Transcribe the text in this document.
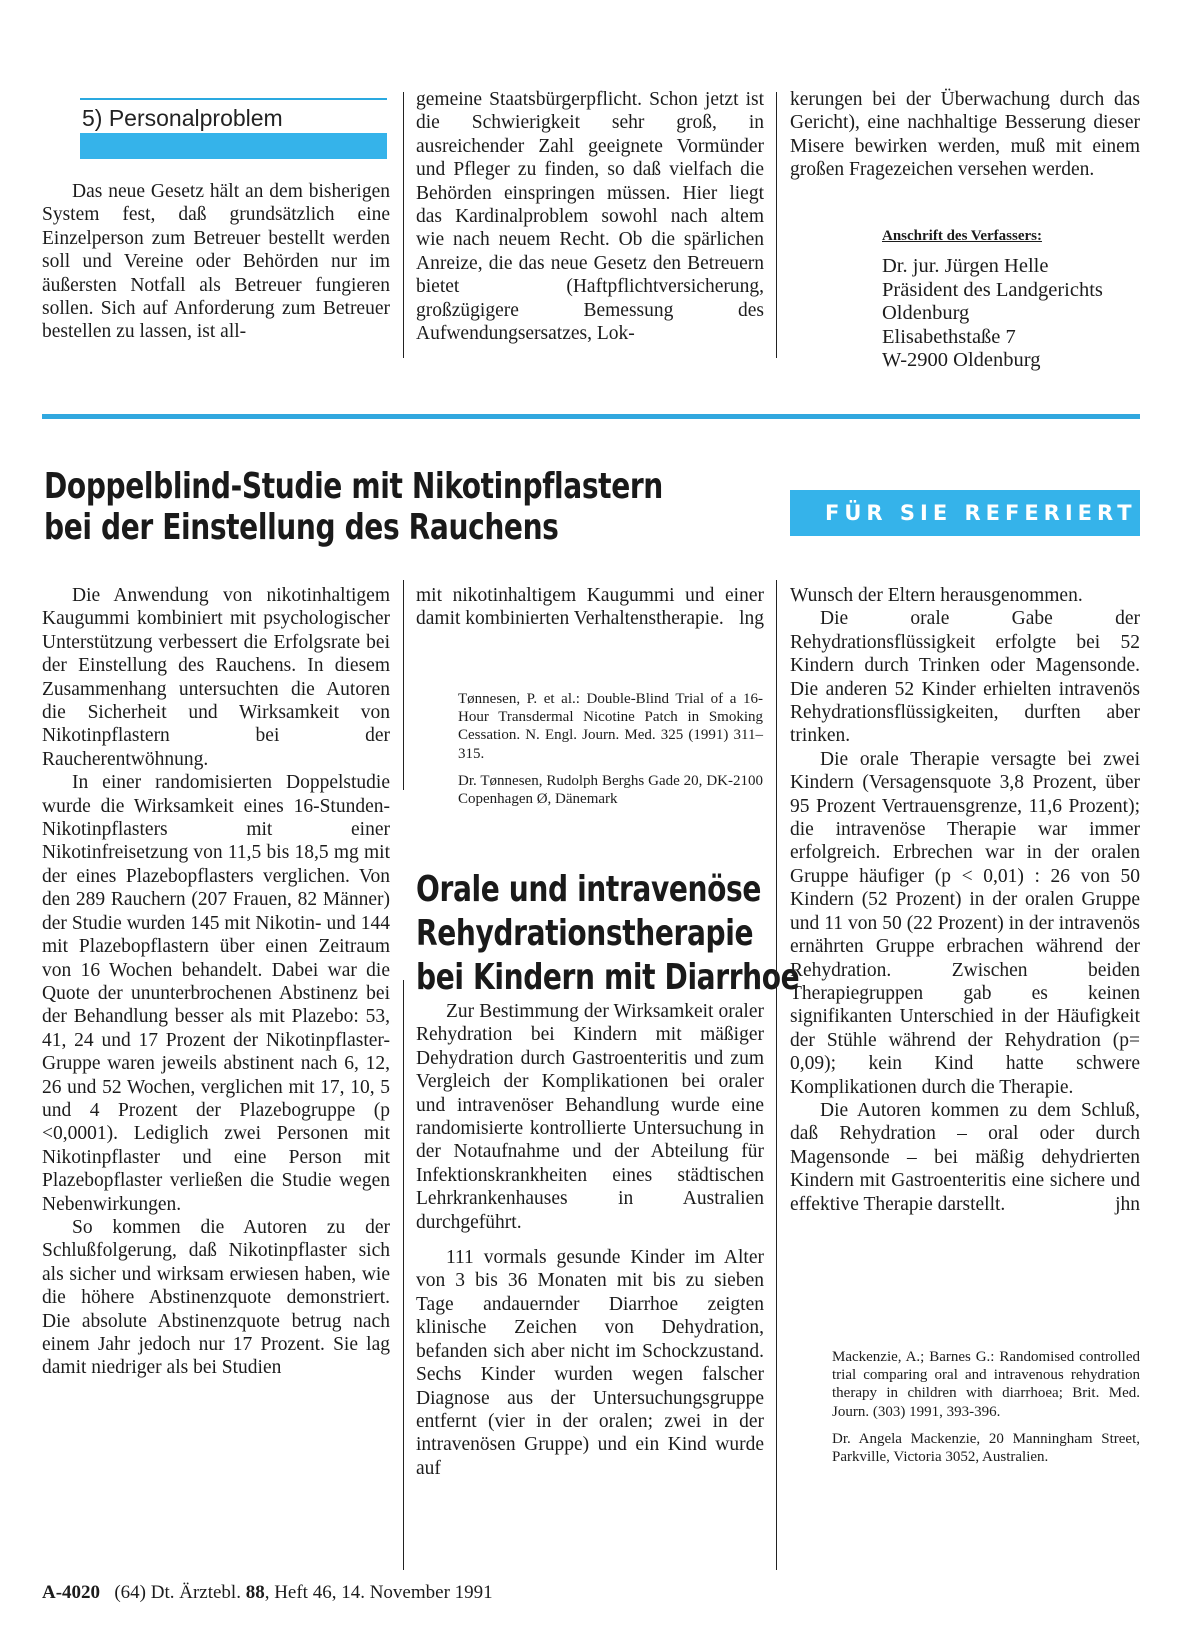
5) Personalproblem

Das neue Gesetz hält an dem bisherigen System fest, daß grundsätzlich eine Einzelperson zum Betreuer bestellt werden soll und Vereine oder Behörden nur im äußersten Notfall als Betreuer fungieren sollen. Sich auf Anforderung zum Betreuer bestellen zu lassen, ist all-

gemeine Staatsbürgerpflicht. Schon jetzt ist die Schwierigkeit sehr groß, in ausreichender Zahl geeignete Vormünder und Pfleger zu finden, so daß vielfach die Behörden einspringen müssen. Hier liegt das Kardinalproblem sowohl nach altem wie nach neuem Recht. Ob die spärlichen Anreize, die das neue Gesetz den Betreuern bietet (Haftpflichtversicherung, großzügigere Bemessung des Aufwendungsersatzes, Lok-

kerungen bei der Überwachung durch das Gericht), eine nachhaltige Besserung dieser Misere bewirken werden, muß mit einem großen Fragezeichen versehen werden.

Anschrift des Verfassers:
Dr. jur. Jürgen Helle
Präsident des Landgerichts
Oldenburg
Elisabethstaße 7
W-2900 Oldenburg
Doppelblind-Studie mit Nikotinpflastern
bei der Einstellung des Rauchens	FÜR SIE REFERIERT

Die Anwendung von nikotinhaltigem Kaugummi kombiniert mit psychologischer Unterstützung verbessert die Erfolgsrate bei der Einstellung des Rauchens. In diesem Zusammenhang untersuchten die Autoren die Sicherheit und Wirksamkeit von Nikotinpflastern bei der Raucherentwöhnung.

In einer randomisierten Doppelstudie wurde die Wirksamkeit eines 16-Stunden-Nikotinpflasters mit einer Nikotinfreisetzung von 11,5 bis 18,5 mg mit der eines Plazebopflasters verglichen. Von den 289 Rauchern (207 Frauen, 82 Männer) der Studie wurden 145 mit Nikotin- und 144 mit Plazebopflastern über einen Zeitraum von 16 Wochen behandelt. Dabei war die Quote der ununterbrochenen Abstinenz bei der Behandlung besser als mit Plazebo: 53, 41, 24 und 17 Prozent der Nikotinpflaster-Gruppe waren jeweils abstinent nach 6, 12, 26 und 52 Wochen, verglichen mit 17, 10, 5 und 4 Prozent der Plazebogruppe (p <0,0001). Lediglich zwei Personen mit Nikotinpflaster und eine Person mit Plazebopflaster verließen die Studie wegen Nebenwirkungen.

So kommen die Autoren zu der Schlußfolgerung, daß Nikotinpflaster sich als sicher und wirksam erwiesen haben, wie die höhere Abstinenzquote demonstriert. Die absolute Abstinenzquote betrug nach einem Jahr jedoch nur 17 Prozent. Sie lag damit niedriger als bei Studien

mit nikotinhaltigem Kaugummi und einer damit kombinierten Verhaltenstherapie. lng

Tønnesen, P. et al.: Double-Blind Trial of a 16-Hour Transdermal Nicotine Patch in Smoking Cessation. N. Engl. Journ. Med. 325 (1991) 311–315.

Dr. Tønnesen, Rudolph Berghs Gade 20, DK-2100 Copenhagen Ø, Dänemark

Orale und intravenöse
Rehydrationstherapie
bei Kindern mit Diarrhoe

Zur Bestimmung der Wirksamkeit oraler Rehydration bei Kindern mit mäßiger Dehydration durch Gastroenteritis und zum Vergleich der Komplikationen bei oraler und intravenöser Behandlung wurde eine randomisierte kontrollierte Untersuchung in der Notaufnahme und der Abteilung für Infektionskrankheiten eines städtischen Lehrkrankenhauses in Australien durchgeführt.

111 vormals gesunde Kinder im Alter von 3 bis 36 Monaten mit bis zu sieben Tage andauernder Diarrhoe zeigten klinische Zeichen von Dehydration, befanden sich aber nicht im Schockzustand. Sechs Kinder wurden wegen falscher Diagnose aus der Untersuchungsgruppe entfernt (vier in der oralen; zwei in der intravenösen Gruppe) und ein Kind wurde auf

Wunsch der Eltern herausgenommen.

Die orale Gabe der Rehydrationsflüssigkeit erfolgte bei 52 Kindern durch Trinken oder Magensonde. Die anderen 52 Kinder erhielten intravenös Rehydrationsflüssigkeiten, durften aber trinken.

Die orale Therapie versagte bei zwei Kindern (Versagensquote 3,8 Prozent, über 95 Prozent Vertrauensgrenze, 11,6 Prozent); die intravenöse Therapie war immer erfolgreich. Erbrechen war in der oralen Gruppe häufiger (p < 0,01) : 26 von 50 Kindern (52 Prozent) in der oralen Gruppe und 11 von 50 (22 Prozent) in der intravenös ernährten Gruppe erbrachen während der Rehydration. Zwischen beiden Therapiegruppen gab es keinen signifikanten Unterschied in der Häufigkeit der Stühle während der Rehydration (p= 0,09); kein Kind hatte schwere Komplikationen durch die Therapie.

Die Autoren kommen zu dem Schluß, daß Rehydration – oral oder durch Magensonde – bei mäßig dehydrierten Kindern mit Gastroenteritis eine sichere und effektive Therapie darstellt.	jhn

Mackenzie, A.; Barnes G.: Randomised controlled trial comparing oral and intravenous rehydration therapy in children with diarrhoea; Brit. Med. Journ. (303) 1991, 393-396.

Dr. Angela Mackenzie, 20 Manningham Street, Parkville, Victoria 3052, Australien.

A-4020 (64) Dt. Ärztebl. 88, Heft 46, 14. November 1991
